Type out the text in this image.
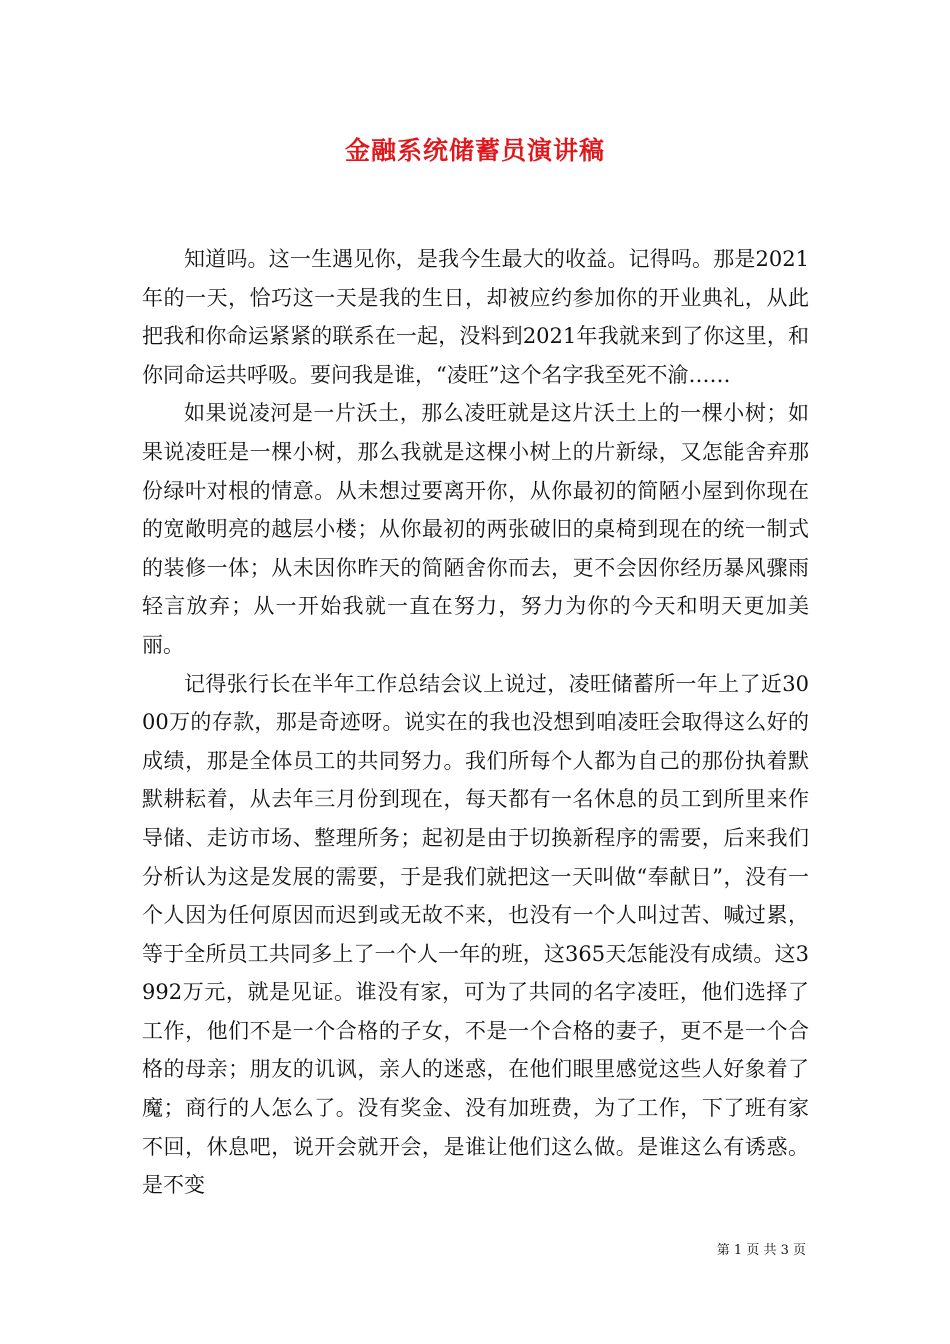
金融系统储蓄员演讲稿

知道吗。这一生遇见你，是我今生最大的收益。记得吗。那是2021年的一天，恰巧这一天是我的生日，却被应约参加你的开业典礼，从此把我和你命运紧紧的联系在一起，没料到2021年我就来到了你这里，和你同命运共呼吸。要问我是谁，“凌旺”这个名字我至死不渝……

如果说凌河是一片沃土，那么凌旺就是这片沃土上的一棵小树；如果说凌旺是一棵小树，那么我就是这棵小树上的片新绿，又怎能舍弃那份绿叶对根的情意。从未想过要离开你，从你最初的简陋小屋到你现在的宽敞明亮的越层小楼；从你最初的两张破旧的桌椅到现在的统一制式的装修一体；从未因你昨天的简陋舍你而去，更不会因你经历暴风骤雨轻言放弃；从一开始我就一直在努力，努力为你的今天和明天更加美丽。

记得张行长在半年工作总结会议上说过，凌旺储蓄所一年上了近3000万的存款，那是奇迹呀。说实在的我也没想到咱凌旺会取得这么好的成绩，那是全体员工的共同努力。我们所每个人都为自己的那份执着默默耕耘着，从去年三月份到现在，每天都有一名休息的员工到所里来作导储、走访市场、整理所务；起初是由于切换新程序的需要，后来我们分析认为这是发展的需要，于是我们就把这一天叫做“奉献日”，没有一个人因为任何原因而迟到或无故不来，也没有一个人叫过苦、喊过累，等于全所员工共同多上了一个人一年的班，这365天怎能没有成绩。这3992万元，就是见证。谁没有家，可为了共同的名字凌旺，他们选择了工作，他们不是一个合格的子女，不是一个合格的妻子，更不是一个合格的母亲；朋友的讥讽，亲人的迷惑，在他们眼里感觉这些人好象着了魔；商行的人怎么了。没有奖金、没有加班费，为了工作，下了班有家不回，休息吧，说开会就开会，是谁让他们这么做。是谁这么有诱惑。是不变

第 1 页 共 3 页
